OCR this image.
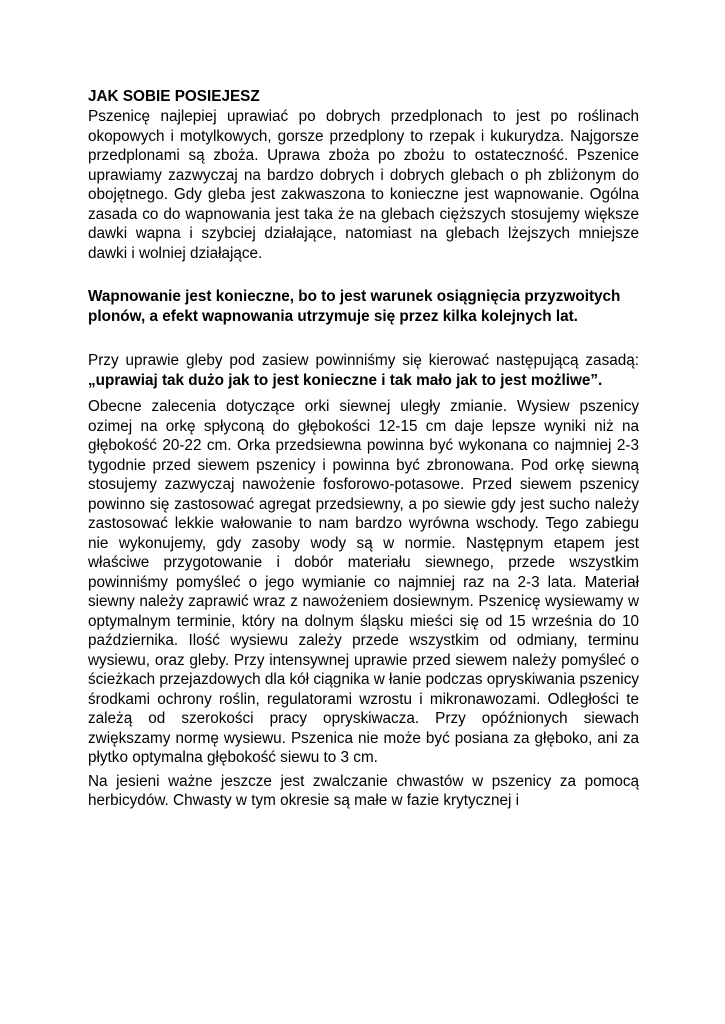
JAK SOBIE POSIEJESZ

Pszenicę najlepiej uprawiać po dobrych przedplonach to jest po roślinach okopowych i motylkowych, gorsze przedplony to rzepak i kukurydza. Najgorsze przedplonami są zboża. Uprawa zboża po zbożu to ostateczność. Pszenice uprawiamy zazwyczaj na bardzo dobrych i dobrych glebach o ph zbliżonym do obojętnego. Gdy gleba jest zakwaszona to konieczne jest wapnowanie. Ogólna zasada co do wapnowania jest taka że na glebach cięższych stosujemy większe dawki wapna i szybciej działające, natomiast na glebach lżejszych mniejsze dawki i wolniej działające.

Wapnowanie jest konieczne, bo to jest warunek osiągnięcia przyzwoitych plonów, a efekt wapnowania utrzymuje się przez kilka kolejnych lat.

Przy uprawie gleby pod zasiew powinniśmy się kierować następującą zasadą: „uprawiaj tak dużo jak to jest konieczne i tak mało jak to jest możliwe”.

Obecne zalecenia dotyczące orki siewnej uległy zmianie. Wysiew pszenicy ozimej na orkę spłyconą do głębokości 12-15 cm daje lepsze wyniki niż na głębokość 20-22 cm. Orka przedsiewna powinna być wykonana co najmniej 2-3 tygodnie przed siewem pszenicy i powinna być zbronowana. Pod orkę siewną stosujemy zazwyczaj nawożenie fosforowo-potasowe. Przed siewem pszenicy powinno się zastosować agregat przedsiewny, a po siewie gdy jest sucho należy zastosować lekkie wałowanie to nam bardzo wyrówna wschody. Tego zabiegu nie wykonujemy, gdy zasoby wody są w normie. Następnym etapem jest właściwe przygotowanie i dobór materiału siewnego, przede wszystkim powinniśmy pomyśleć o jego wymianie co najmniej raz na 2-3 lata. Materiał siewny należy zaprawić wraz z nawożeniem dosiewnym. Pszenicę wysiewamy w optymalnym terminie, który na dolnym śląsku mieści się od 15 września do 10 października. Ilość wysiewu zależy przede wszystkim od odmiany, terminu wysiewu, oraz gleby. Przy intensywnej uprawie przed siewem należy pomyśleć o ścieżkach przejazdowych dla kół ciągnika w łanie podczas opryskiwania pszenicy środkami ochrony roślin, regulatorami wzrostu i mikronawozami. Odległości te zależą od szerokości pracy opryskiwacza. Przy opóźnionych siewach zwiększamy normę wysiewu. Pszenica nie może być posiana za głęboko, ani za płytko optymalna głębokość siewu to 3 cm.

Na jesieni ważne jeszcze jest zwalczanie chwastów w pszenicy za pomocą herbicydów. Chwasty w tym okresie są małe w fazie krytycznej i
